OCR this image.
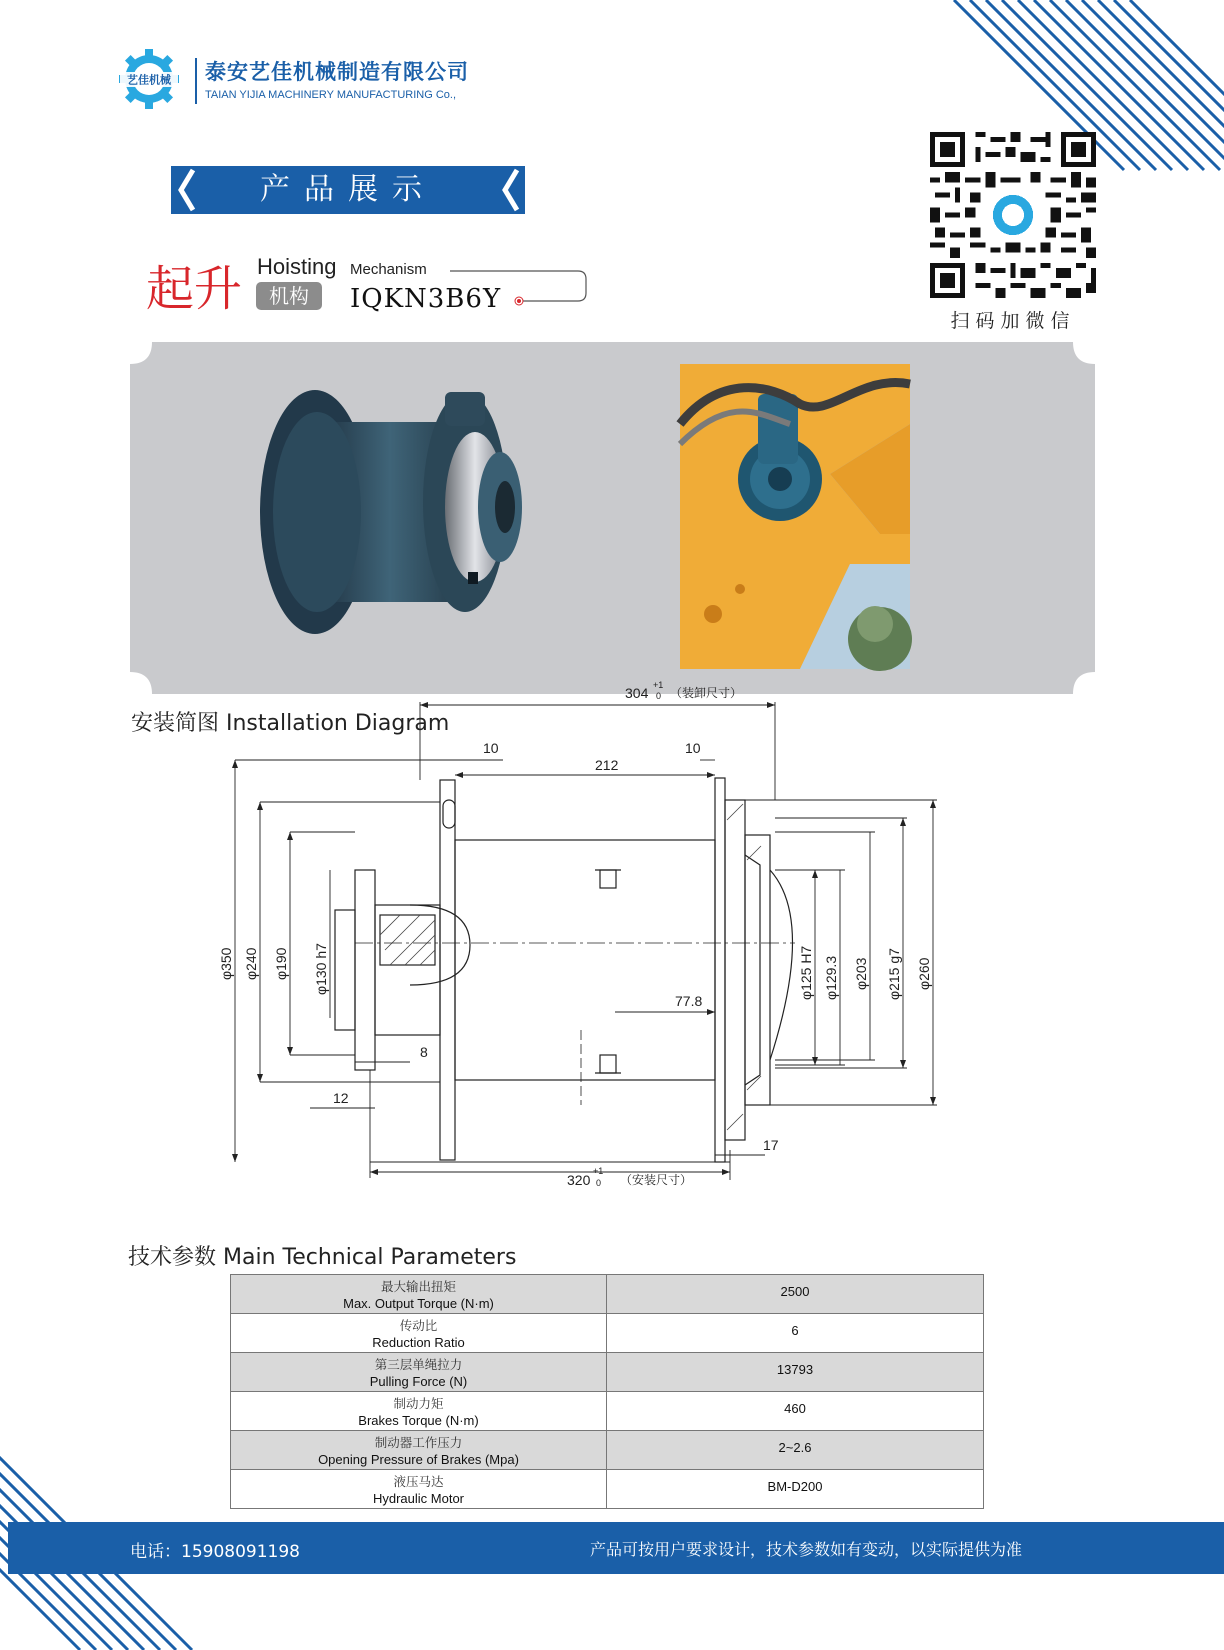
艺佳机械 泰安艺佳机械制造有限公司
TAIAN YIJIA MACHINERY MANUFACTURING Co.,
产品展示
扫码加微信
起升 Hoisting Mechanism
机构	IQKN3B6Y
安装简图 Installation Diagram
304 +1
0 （装卸尺寸）
10	10
212
77.8
8
12
17
320
+1
0 （安装尺寸）
φ350 φ240 φ190 φ130 h7	φ125 H7 φ129.3 φ203 φ215 g7 φ260
技术参数 Main Technical Parameters
最大输出扭矩
Max. Output Torque (N·m)	2500

传动比
Reduction Ratio	6

第三层单绳拉力
Pulling Force (N)	13793

制动力矩
Brakes Torque (N·m)	460

制动器工作压力
Opening Pressure of Brakes (Mpa)	2~2.6

液压马达
Hydraulic Motor	BM-D200
电话：15908091198	产品可按用户要求设计，技术参数如有变动，以实际提供为准
